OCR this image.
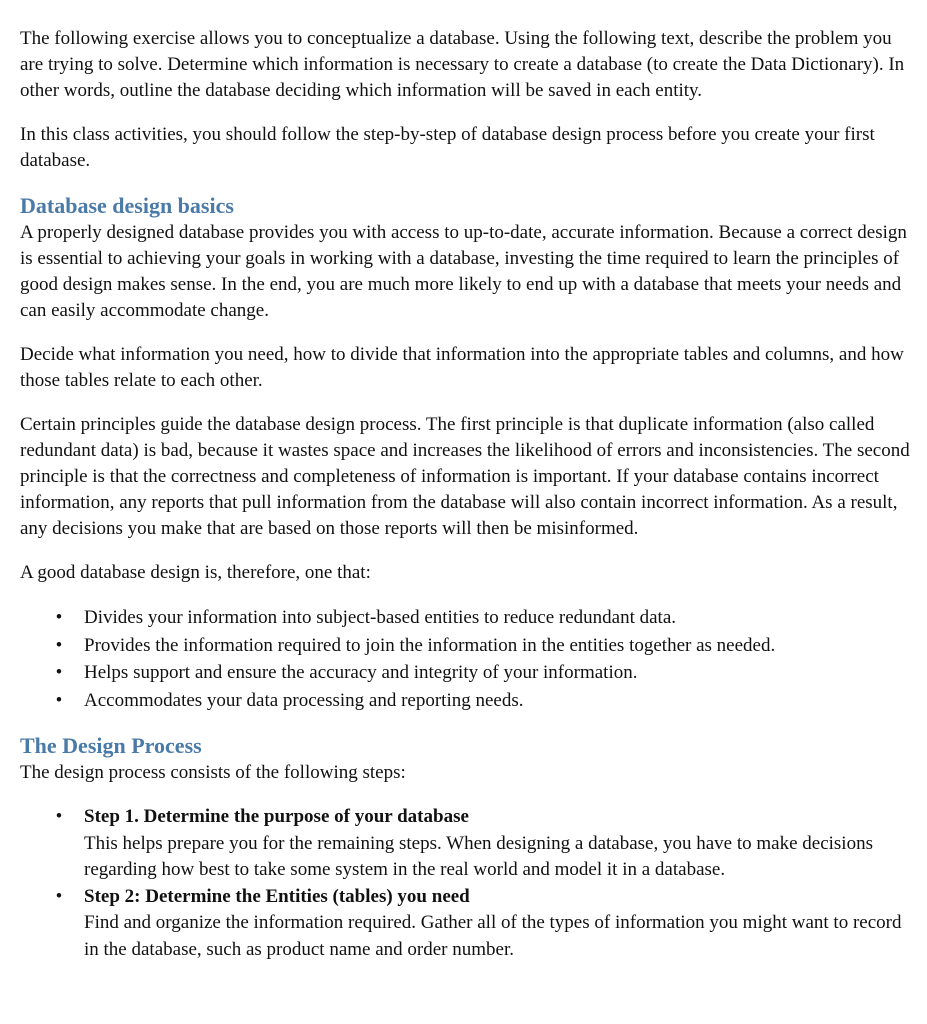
The following exercise allows you to conceptualize a database. Using the following text, describe the problem you are trying to solve. Determine which information is necessary to create a database (to create the Data Dictionary). In other words, outline the database deciding which information will be saved in each entity.

In this class activities, you should follow the step-by-step of database design process before you create your first database.

Database design basics

A properly designed database provides you with access to up-to-date, accurate information. Because a correct design is essential to achieving your goals in working with a database, investing the time required to learn the principles of good design makes sense. In the end, you are much more likely to end up with a database that meets your needs and can easily accommodate change.

Decide what information you need, how to divide that information into the appropriate tables and columns, and how those tables relate to each other.

Certain principles guide the database design process. The first principle is that duplicate information (also called redundant data) is bad, because it wastes space and increases the likelihood of errors and inconsistencies. The second principle is that the correctness and completeness of information is important. If your database contains incorrect information, any reports that pull information from the database will also contain incorrect information. As a result, any decisions you make that are based on those reports will then be misinformed.

A good database design is, therefore, one that:

• Divides your information into subject-based entities to reduce redundant data.
• Provides the information required to join the information in the entities together as needed.
• Helps support and ensure the accuracy and integrity of your information.
• Accommodates your data processing and reporting needs.
The Design Process

The design process consists of the following steps:

• Step 1. Determine the purpose of your database
This helps prepare you for the remaining steps. When designing a database, you have to make decisions regarding how best to take some system in the real world and model it in a database.
• Step 2: Determine the Entities (tables) you need
Find and organize the information required. Gather all of the types of information you might want to record in the database, such as product name and order number.
